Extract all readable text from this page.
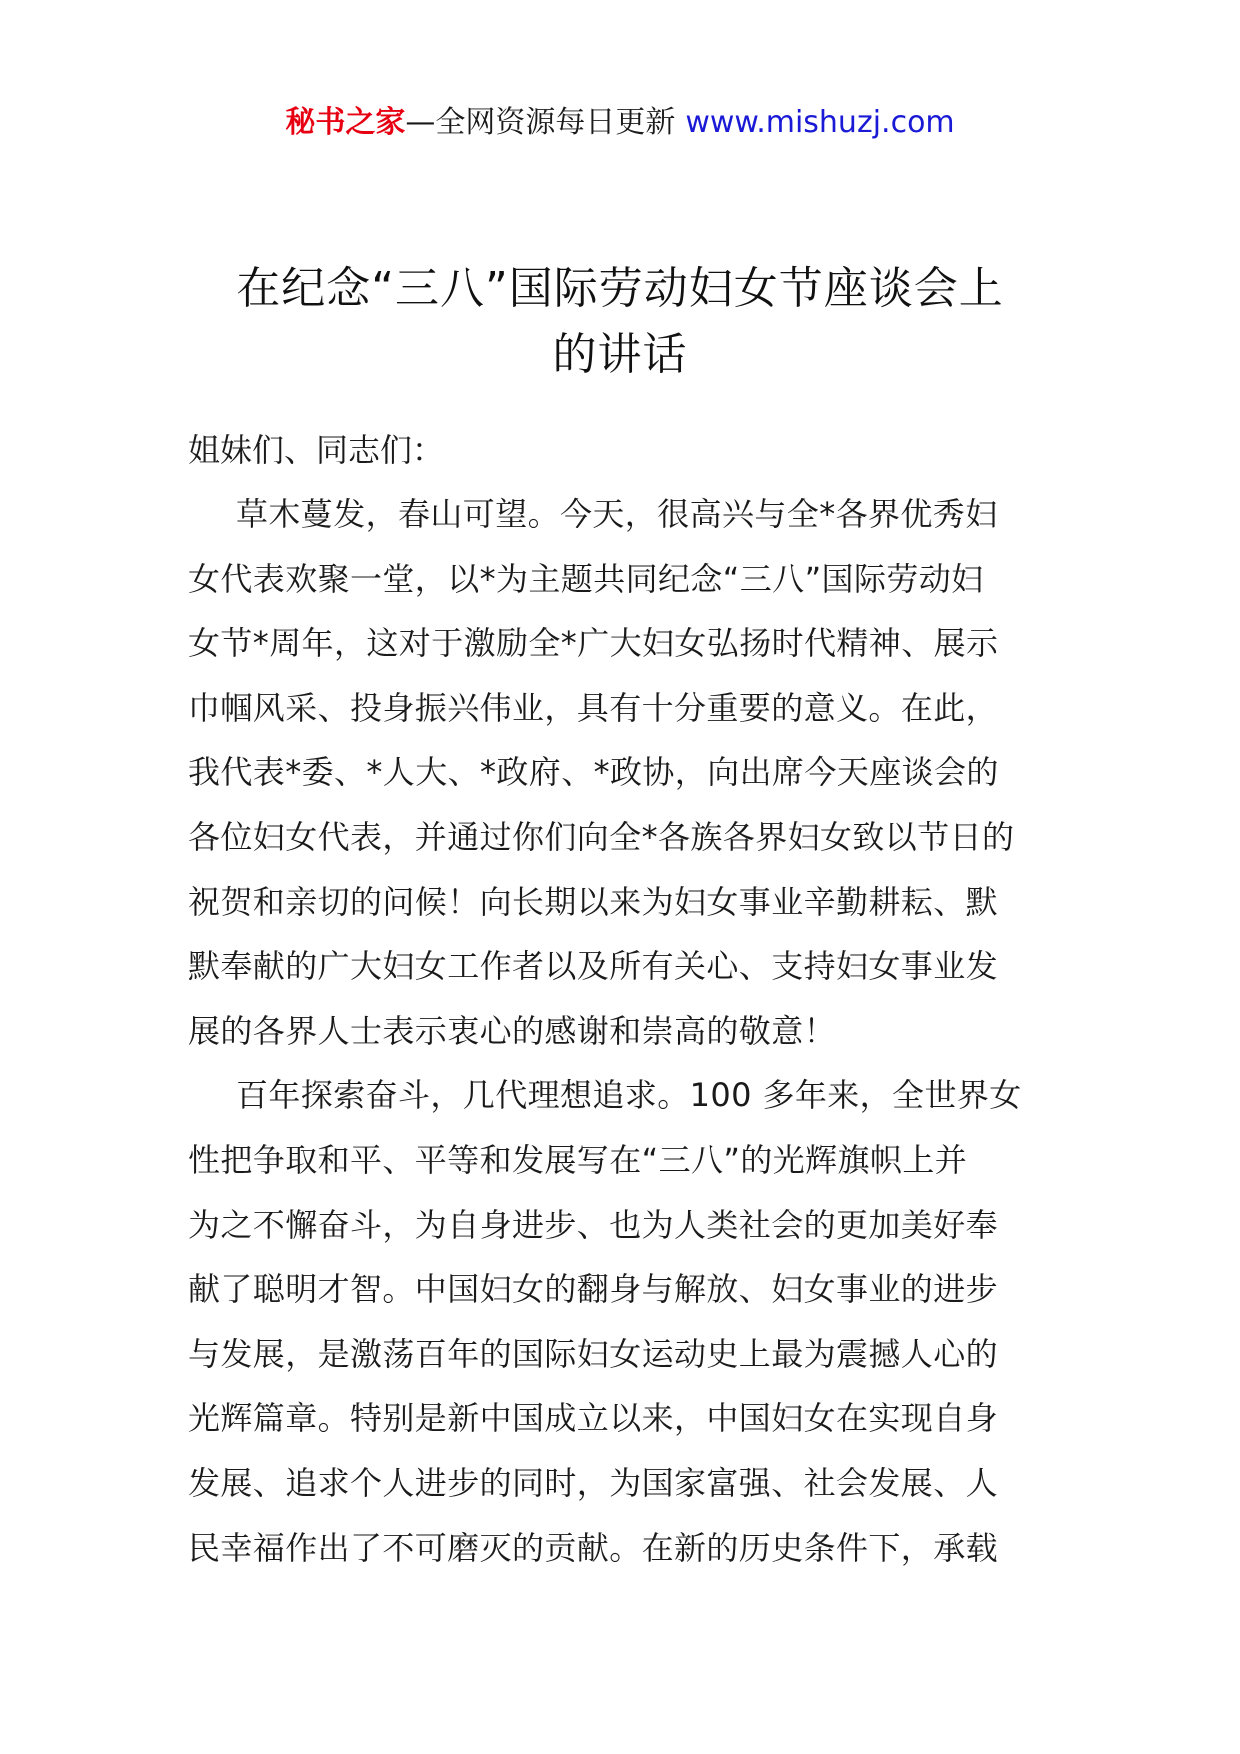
秘书之家—全网资源每日更新 www.mishuzj.com
在纪念“三八”国际劳动妇女节座谈会上
的讲话
姐妹们、同志们：
草木蔓发，春山可望。今天，很高兴与全*各界优秀妇
女代表欢聚一堂，以*为主题共同纪念“三八”国际劳动妇
女节*周年，这对于激励全*广大妇女弘扬时代精神、展示
巾帼风采、投身振兴伟业，具有十分重要的意义。在此，
我代表*委、*人大、*政府、*政协，向出席今天座谈会的
各位妇女代表，并通过你们向全*各族各界妇女致以节日的
祝贺和亲切的问候！向长期以来为妇女事业辛勤耕耘、默
默奉献的广大妇女工作者以及所有关心、支持妇女事业发
展的各界人士表示衷心的感谢和崇高的敬意！
百年探索奋斗，几代理想追求。100 多年来，全世界女
性把争取和平、平等和发展写在“三八”的光辉旗帜上并
为之不懈奋斗，为自身进步、也为人类社会的更加美好奉
献了聪明才智。中国妇女的翻身与解放、妇女事业的进步
与发展，是激荡百年的国际妇女运动史上最为震撼人心的
光辉篇章。特别是新中国成立以来，中国妇女在实现自身
发展、追求个人进步的同时，为国家富强、社会发展、人
民幸福作出了不可磨灭的贡献。在新的历史条件下，承载
